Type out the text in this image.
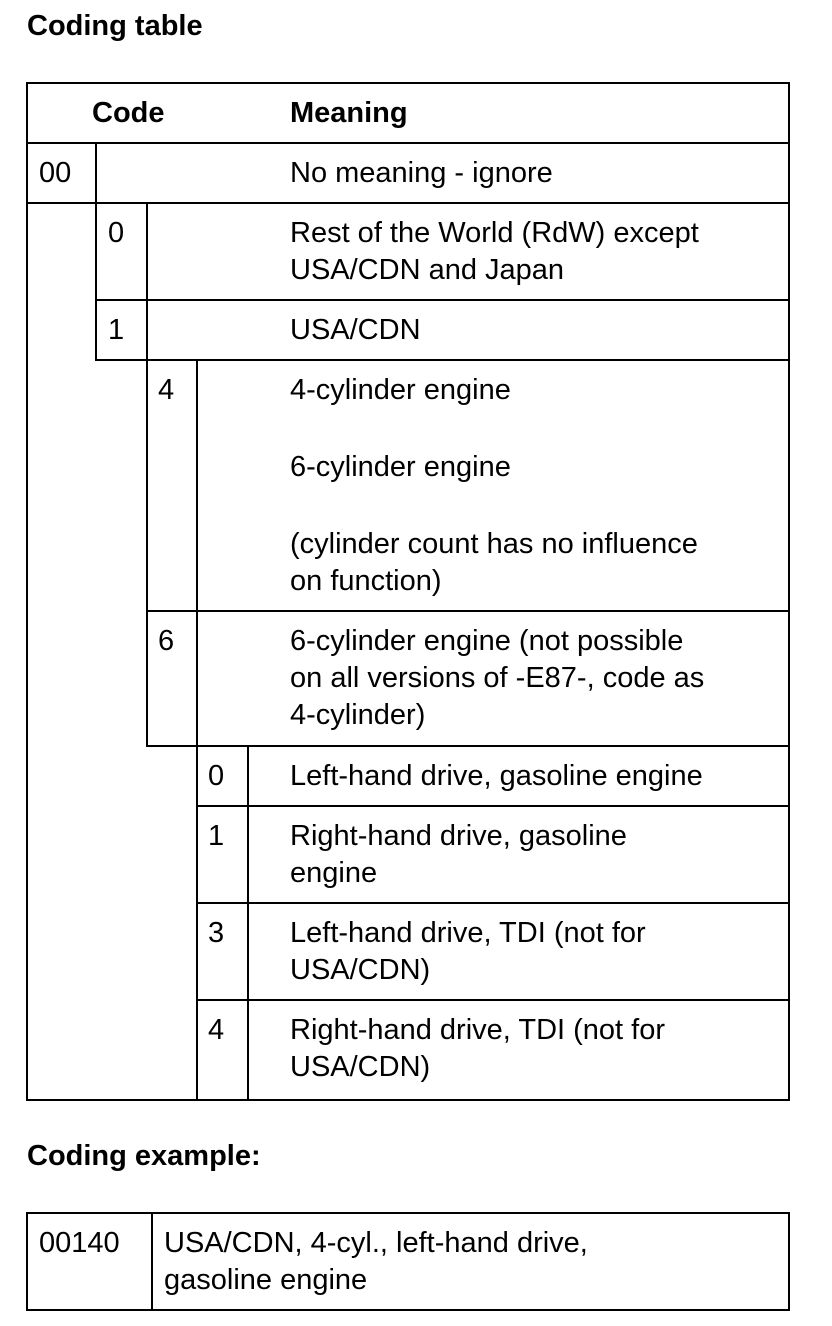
Coding table
Code	Meaning
00	No meaning - ignore
0	Rest of the World (RdW) except
USA/CDN and Japan
1	USA/CDN
4	4-cylinder engine
6-cylinder engine
(cylinder count has no influence
on function)
6	6-cylinder engine (not possible
on all versions of -E87-, code as
4-cylinder)
0 Left-hand drive, gasoline engine
1 Right-hand drive, gasoline
engine
3 Left-hand drive, TDI (not for
USA/CDN)
4 Right-hand drive, TDI (not for
USA/CDN)
Coding example:
00140 USA/CDN, 4-cyl., left-hand drive,
gasoline engine
